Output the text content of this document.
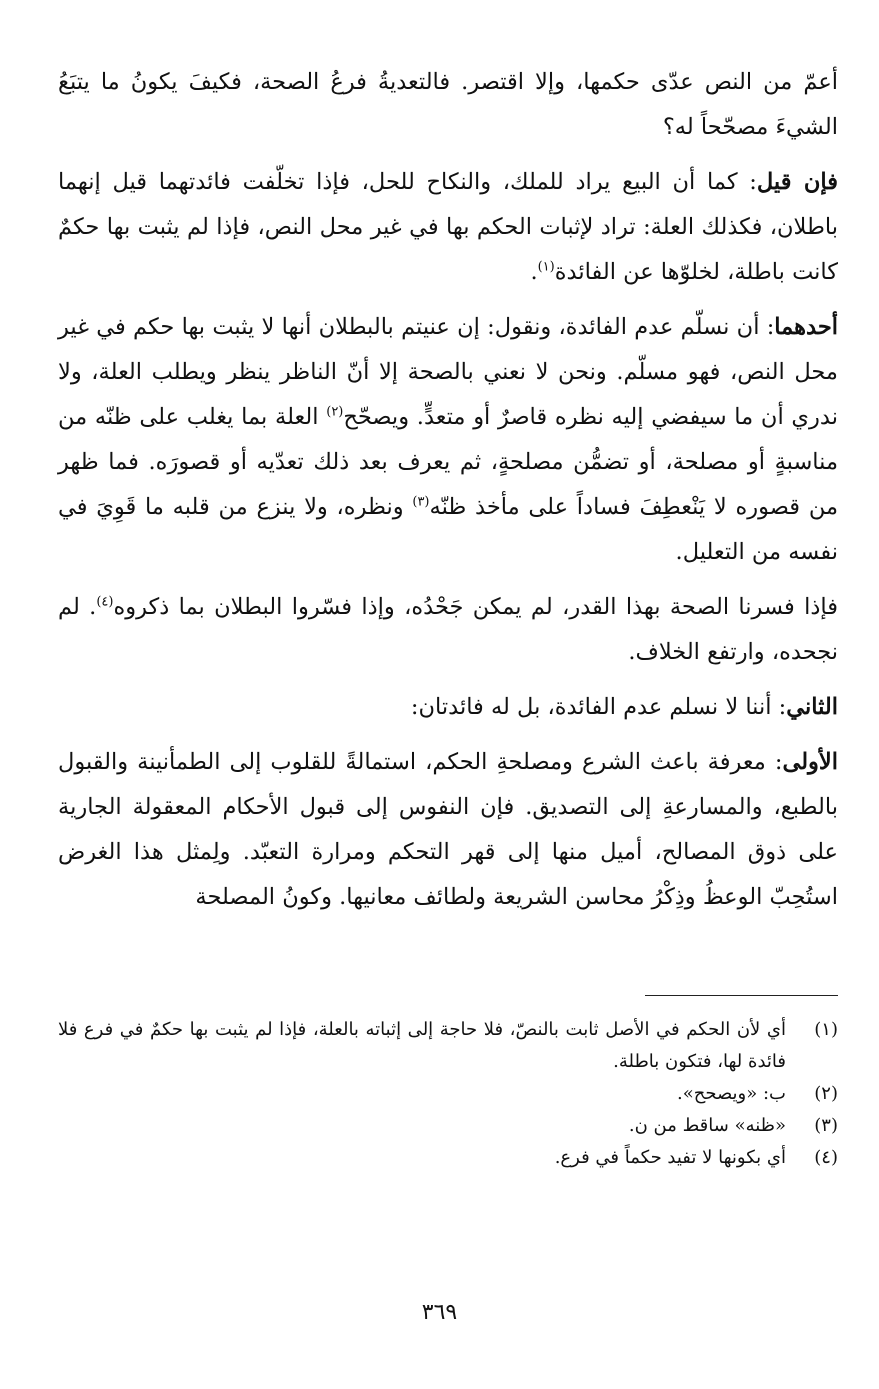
أعمّ من النص عدّى حكمها، وإلا اقتصر. فالتعديةُ فرعُ الصحة، فكيفَ يكونُ ما يتبَعُ الشيءَ مصحّحاً له؟

فإن قيل: كما أن البيع يراد للملك، والنكاح للحل، فإذا تخلّفت فائدتهما قيل إنهما باطلان، فكذلك العلة: تراد لإثبات الحكم بها في غير محل النص، فإذا لم يثبت بها حكمٌ كانت باطلة، لخلوّها عن الفائدة$^{(١)}$.

أحدهما: أن نسلّم عدم الفائدة، ونقول: إن عنيتم بالبطلان أنها لا يثبت بها حكم في غير محل النص، فهو مسلّم. ونحن لا نعني بالصحة إلا أنّ الناظر ينظر ويطلب العلة، ولا ندري أن ما سيفضي إليه نظره قاصرٌ أو متعدٍّ. ويصحّح$^{(٢)}$ العلة بما يغلب على ظنّه من مناسبةٍ أو مصلحة، أو تضمُّن مصلحةٍ، ثم يعرف بعد ذلك تعدّيه أو قصورَه. فما ظهر من قصوره لا يَنْعطِفَ فساداً على مأخذ ظنّه$^{(٣)}$ ونظره، ولا ينزع من قلبه ما قَوِيَ في نفسه من التعليل.

فإذا فسرنا الصحة بهذا القدر، لم يمكن جَحْدُه، وإذا فسّروا البطلان بما ذكروه$^{(٤)}$. لم نجحده، وارتفع الخلاف.

الثاني: أننا لا نسلم عدم الفائدة، بل له فائدتان:

الأولى: معرفة باعث الشرع ومصلحةِ الحكم، استمالةً للقلوب إلى الطمأنينة والقبول بالطبع، والمسارعةِ إلى التصديق. فإن النفوس إلى قبول الأحكام المعقولة الجارية على ذوق المصالح، أميل منها إلى قهر التحكم ومرارة التعبّد. ولِمثل هذا الغرض استُحِبّ الوعظُ وذِكْرُ محاسن الشريعة ولطائف معانيها. وكونُ المصلحة

(١)
أي لأن الحكم في الأصل ثابت بالنصّ، فلا حاجة إلى إثباته بالعلة، فإذا لم يثبت بها حكمٌ في فرع فلا فائدة لها، فتكون باطلة.
(٢)
ب: «ويصحح».
(٣)
«ظنه» ساقط من ن.
(٤)
أي بكونها لا تفيد حكماً في فرع.
٣٦٩
